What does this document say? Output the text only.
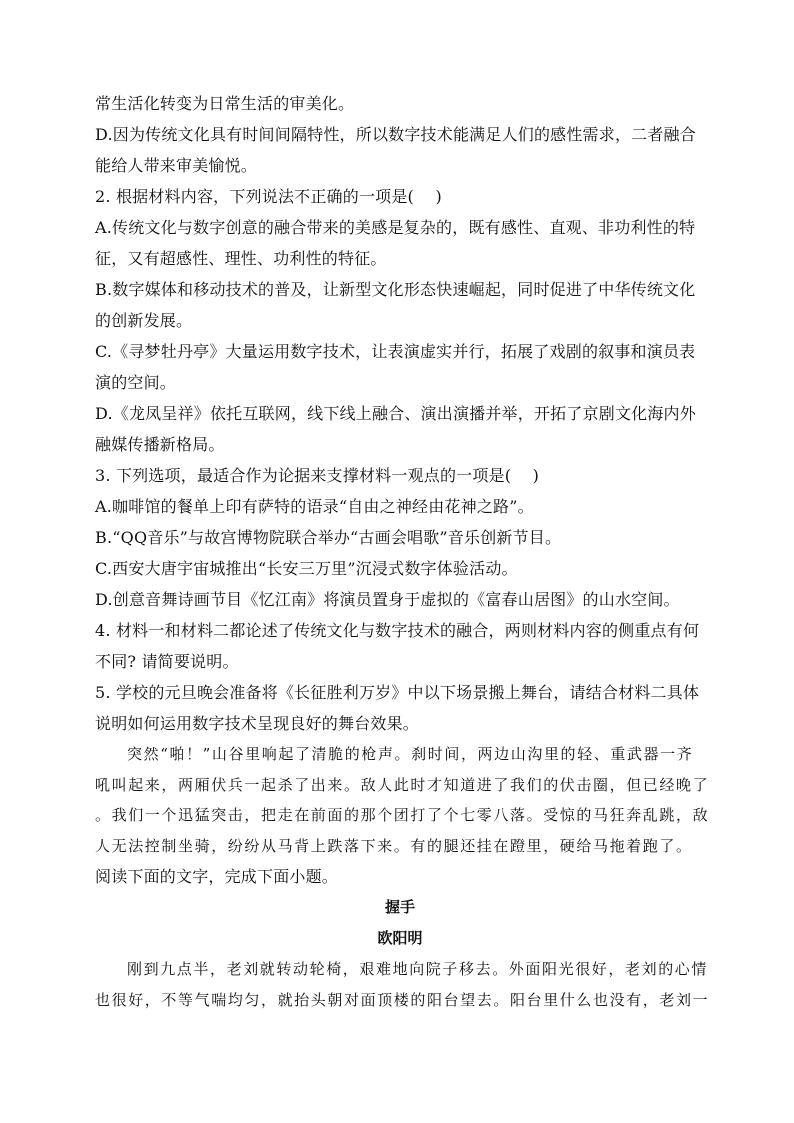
常生活化转变为日常生活的审美化。
D.因为传统文化具有时间间隔特性，所以数字技术能满足人们的感性需求，二者融合
能给人带来审美愉悦。
2. 根据材料内容，下列说法不正确的一项是(　 )
A.传统文化与数字创意的融合带来的美感是复杂的，既有感性、直观、非功利性的特
征，又有超感性、理性、功利性的特征。
B.数字媒体和移动技术的普及，让新型文化形态快速崛起，同时促进了中华传统文化
的创新发展。
C.《寻梦牡丹亭》大量运用数字技术，让表演虚实并行，拓展了戏剧的叙事和演员表
演的空间。
D.《龙凤呈祥》依托互联网，线下线上融合、演出演播并举，开拓了京剧文化海内外
融媒传播新格局。
3. 下列选项，最适合作为论据来支撑材料一观点的一项是(　 )
A.咖啡馆的餐单上印有萨特的语录“自由之神经由花神之路”。
B.“QQ音乐”与故宫博物院联合举办“古画会唱歌”音乐创新节目。
C.西安大唐宇宙城推出“长安三万里”沉浸式数字体验活动。
D.创意音舞诗画节目《忆江南》将演员置身于虚拟的《富春山居图》的山水空间。
4. 材料一和材料二都论述了传统文化与数字技术的融合，两则材料内容的侧重点有何
不同? 请简要说明。
5. 学校的元旦晚会准备将《长征胜利万岁》中以下场景搬上舞台，请结合材料二具体
说明如何运用数字技术呈现良好的舞台效果。
突然“啪！”山谷里响起了清脆的枪声。刹时间，两边山沟里的轻、重武器一齐
吼叫起来，两厢伏兵一起杀了出来。敌人此时才知道进了我们的伏击圈，但已经晚了
。我们一个迅猛突击，把走在前面的那个团打了个七零八落。受惊的马狂奔乱跳，敌
人无法控制坐骑，纷纷从马背上跌落下来。有的腿还挂在蹬里，硬给马拖着跑了。
阅读下面的文字，完成下面小题。
握手
欧阳明
刚到九点半，老刘就转动轮椅，艰难地向院子移去。外面阳光很好，老刘的心情
也很好，不等气喘均匀，就抬头朝对面顶楼的阳台望去。阳台里什么也没有，老刘一
